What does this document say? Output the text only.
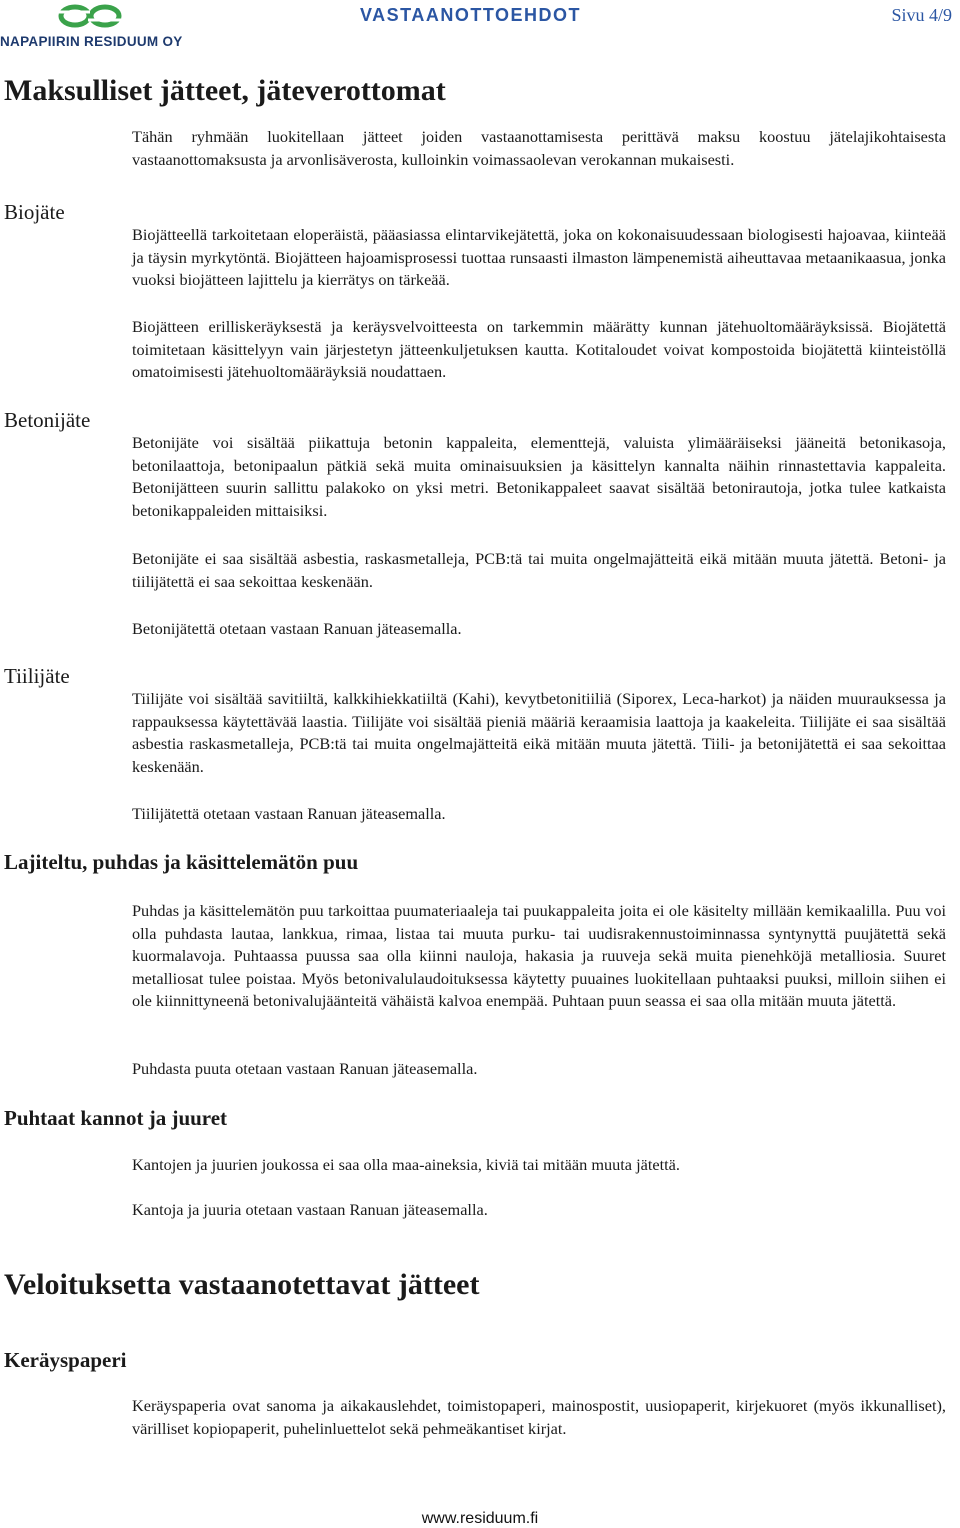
NAPAPIIRIN RESIDUUM OY
VASTAANOTTOEHDOT	Sivu 4/9
Maksulliset jätteet, jäteverottomat

Tähän ryhmään luokitellaan jätteet joiden vastaanottamisesta perittävä maksu koostuu jätelajikohtaisesta vastaanottomaksusta ja arvonlisäverosta, kulloinkin voimassaolevan verokannan mukaisesti.

Biojäte

Biojätteellä tarkoitetaan eloperäistä, pääasiassa elintarvikejätettä, joka on kokonaisuudessaan biologisesti hajoavaa, kiinteää ja täysin myrkytöntä. Biojätteen hajoamisprosessi tuottaa runsaasti ilmaston lämpenemistä aiheuttavaa metaanikaasua, jonka vuoksi biojätteen lajittelu ja kierrätys on tärkeää.

Biojätteen erilliskeräyksestä ja keräysvelvoitteesta on tarkemmin määrätty kunnan jätehuoltomääräyksissä. Biojätettä toimitetaan käsittelyyn vain järjestetyn jätteenkuljetuksen kautta. Kotitaloudet voivat kompostoida biojätettä kiinteistöllä omatoimisesti jätehuoltomääräyksiä noudattaen.

Betonijäte

Betonijäte voi sisältää piikattuja betonin kappaleita, elementtejä, valuista ylimääräiseksi jääneitä betonikasoja, betonilaattoja, betonipaalun pätkiä sekä muita ominaisuuksien ja käsittelyn kannalta näihin rinnastettavia kappaleita. Betonijätteen suurin sallittu palakoko on yksi metri. Betonikappaleet saavat sisältää betonirautoja, jotka tulee katkaista betonikappaleiden mittaisiksi.

Betonijäte ei saa sisältää asbestia, raskasmetalleja, PCB:tä tai muita ongelmajätteitä eikä mitään muuta jätettä. Betoni- ja tiilijätettä ei saa sekoittaa keskenään.

Betonijätettä otetaan vastaan Ranuan jäteasemalla.

Tiilijäte

Tiilijäte voi sisältää savitiiltä, kalkkihiekkatiiltä (Kahi), kevytbetonitiiliä (Siporex, Leca-harkot) ja näiden muurauksessa ja rappauksessa käytettävää laastia. Tiilijäte voi sisältää pieniä määriä keraamisia laattoja ja kaakeleita. Tiilijäte ei saa sisältää asbestia raskasmetalleja, PCB:tä tai muita ongelmajätteitä eikä mitään muuta jätettä. Tiili- ja betonijätettä ei saa sekoittaa keskenään.

Tiilijätettä otetaan vastaan Ranuan jäteasemalla.

Lajiteltu, puhdas ja käsittelemätön puu

Puhdas ja käsittelemätön puu tarkoittaa puumateriaaleja tai puukappaleita joita ei ole käsitelty millään kemikaalilla. Puu voi olla puhdasta lautaa, lankkua, rimaa, listaa tai muuta purku- tai uudisrakennustoiminnassa syntynyttä puujätettä sekä kuormalavoja. Puhtaassa puussa saa olla kiinni nauloja, hakasia ja ruuveja sekä muita pienehköjä metalliosia. Suuret metalliosat tulee poistaa. Myös betonivalulaudoituksessa käytetty puuaines luokitellaan puhtaaksi puuksi, milloin siihen ei ole kiinnittyneenä betonivalujäänteitä vähäistä kalvoa enempää. Puhtaan puun seassa ei saa olla mitään muuta jätettä.

Puhdasta puuta otetaan vastaan Ranuan jäteasemalla.

Puhtaat kannot ja juuret

Kantojen ja juurien joukossa ei saa olla maa-aineksia, kiviä tai mitään muuta jätettä.

Kantoja ja juuria otetaan vastaan Ranuan jäteasemalla.

Veloituksetta vastaanotettavat jätteet
Keräyspaperi

Keräyspaperia ovat sanoma ja aikakauslehdet, toimistopaperi, mainospostit, uusiopaperit, kirjekuoret (myös ikkunalliset), värilliset kopiopaperit, puhelinluettelot sekä pehmeäkantiset kirjat.

www.residuum.fi
